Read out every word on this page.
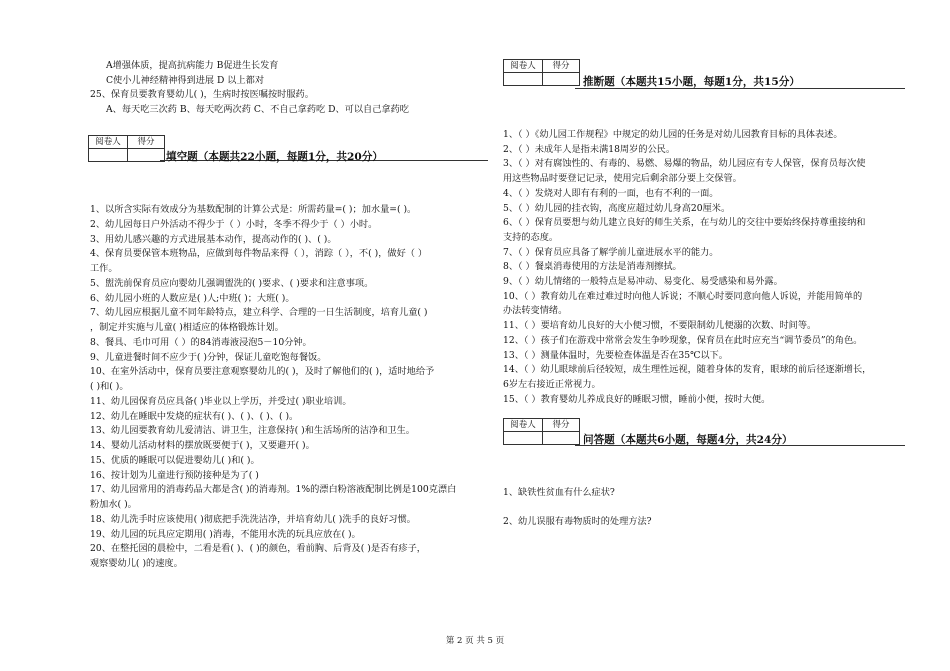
A增强体质，提高抗病能力 B促进生长发育
C使小儿神经精神得到进展 D 以上都对
25、保育员要教育婴幼儿( )，生病时按医嘱按时服药。
A、每天吃三次药 B、每天吃两次药 C、不自己拿药吃 D、可以自己拿药吃
阅卷人	得分

填空题（本题共22小题，每题1分，共20分）
1、以所含实际有效成分为基数配制的计算公式是：所需药量=( )；加水量=( )。
2、幼儿园每日户外活动不得少于（ ）小时，冬季不得少于（ ）小时。
3、用幼儿感兴趣的方式进展基本动作，提高动作的( )、( )。
4、保育员要保管本班物品，应做到每件物品来得（ ），消踪（ ），不( )，做好（ ）
工作。
5、盥洗前保育员应向婴幼儿强调盥洗的( )要求、( )要求和注意事项。
6、幼儿园小班的人数应是( )人;中班( )；大班( )。
7、幼儿园应根据儿童不同年龄特点，建立科学、合理的一日生活制度，培育儿童( )
，制定并实施与儿童( )相适应的体格锻炼计划。
8、餐具、毛巾可用（ ）的84消毒液浸泡5－10分钟。
9、儿童进餐时间不应少于( )分钟，保证儿童吃饱每餐饭。
10、在室外活动中，保育员要注意观察婴幼儿的( )，及时了解他们的( )，适时地给予
( )和( )。
11、幼儿园保育员应具备( )毕业以上学历，并受过( )职业培训。
12、幼儿在睡眠中发烧的症状有( )、( )、( )、( )。
13、幼儿园要教育幼儿爱清洁、讲卫生，注意保持( )和生活场所的洁净和卫生。
14、婴幼儿活动材料的摆放既要便于( )，又要避开( )。
15、优质的睡眠可以促进婴幼儿( )和( )。
16、按计划为儿童进行预防接种是为了( )
17、幼儿园常用的消毒药品大都是含( )的消毒剂。1%的漂白粉溶液配制比例是100克漂白
粉加水( )。
18、幼儿洗手时应该使用( )彻底把手洗洗洁净，并培育幼儿( )洗手的良好习惯。
19、幼儿园的玩具应定期用( )消毒，不能用水洗的玩具应放在( )。
20、在整托园的晨检中，二看是看( )、( )的颜色，看前胸、后背及( )是否有疹子，
观察婴幼儿( )的速度。
阅卷人	得分

推断题（本题共15小题，每题1分，共15分）
1、（ ）《幼儿园工作规程》中规定的幼儿园的任务是对幼儿园教育目标的具体表述。
2、（ ）未成年人是指未满18周岁的公民。
3、（ ）对有腐蚀性的、有毒的、易燃、易爆的物品，幼儿园应有专人保管，保育员每次使
用这些物品时要登记记录，使用完后剩余部分要上交保管。
4、（ ）发烧对人即有有利的一面，也有不利的一面。
5、（ ）幼儿园的挂衣钩，高度应超过幼儿身高20厘米。
6、（ ）保育员要想与幼儿建立良好的师生关系，在与幼儿的交往中要始终保持尊重接纳和
支持的态度。
7、（ ）保育员应具备了解学前儿童进展水平的能力。
8、（ ）餐桌消毒使用的方法是消毒剂擦拭。
9、（ ）幼儿情绪的一般特点是易冲动、易变化、易受感染和易外露。
10、（ ）教育幼儿在难过难过时向他人诉说；不顺心时要同意向他人诉说，并能用简单的
办法转变情绪。
11、（ ）要培育幼儿良好的大小便习惯，不要限制幼儿便溺的次数、时间等。
12、（ ）孩子们在游戏中常常会发生争吵现象，保育员在此时应充当“调节委员”的角色。
13、（ ）测量体温时，先要检查体温是否在35℃以下。
14、（ ）幼儿眼球前后径较短，成生理性远视，随着身体的发育，眼球的前后径逐渐增长，
6岁左右接近正常视力。
15、（ ）教育婴幼儿养成良好的睡眠习惯，睡前小便，按时大便。
阅卷人	得分

问答题（本题共6小题，每题4分，共24分）
1、缺铁性贫血有什么症状?
2、幼儿误服有毒物质时的处理方法?
第 2 页 共 5 页
